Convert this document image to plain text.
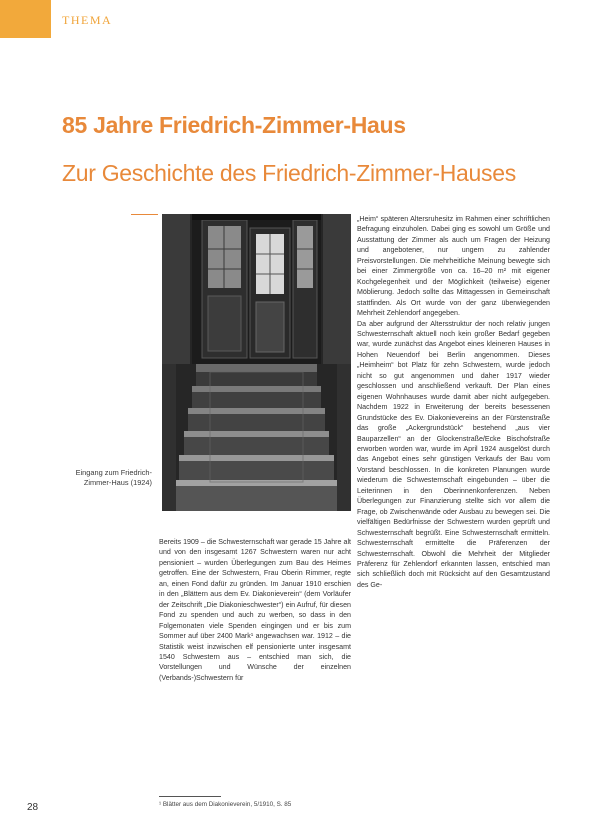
THEMA
85 Jahre Friedrich-Zimmer-Haus
Zur Geschichte des Friedrich-Zimmer-Hauses
Eingang zum Friedrich-Zimmer-Haus (1924)

„Heim“ späteren Altersruhesitz im Rahmen einer schriftlichen Befragung einzuholen. Dabei ging es sowohl um Größe und Ausstattung der Zimmer als auch um Fragen der Heizung und angebotener, nur ungern zu zahlender Preisvorstellungen. Die mehrheitliche Meinung bewegte sich bei einer Zimmergröße von ca. 16–20 m² mit eigener Kochgelegenheit und der Möglichkeit (teilweise) eigener Möblierung. Jedoch sollte das Mittagessen in Gemeinschaft stattfinden. Als Ort wurde von der ganz überwiegenden Mehrheit Zehlendorf angegeben.

Da aber aufgrund der Altersstruktur der noch relativ jungen Schwesternschaft aktuell noch kein großer Bedarf gegeben war, wurde zunächst das Angebot eines kleineren Hauses in Hohen Neuendorf bei Berlin angenommen. Dieses „Heimheim“ bot Platz für zehn Schwestern, wurde jedoch nicht so gut angenommen und daher 1917 wieder geschlossen und anschließend verkauft. Der Plan eines eigenen Wohnhauses wurde damit aber nicht aufgegeben. Nachdem 1922 in Erweiterung der bereits besessenen Grundstücke des Ev. Diakonievereins an der Fürstenstraße das große „Ackergrundstück“ bestehend „aus vier Bauparzellen“ an der Glockenstraße/Ecke Bischofstraße erworben worden war, wurde im April 1924 ausgelöst durch das Angebot eines sehr günstigen Verkaufs der Bau vom Vorstand beschlossen. In die konkreten Planungen wurde wiederum die Schwesternschaft eingebunden – über die Leiterinnen in den Oberinnenkonferenzen. Neben Überlegungen zur Finanzierung stellte sich vor allem die Frage, ob Zwischenwände oder Ausbau zu bewegen sei. Die vielfältigen Bedürfnisse der Schwestern wurden geprüft und Schwesternschaft begrüßt. Eine Schwesternschaft ermitteln. Schwesternschaft ermittelte die Präferenzen der Schwesternschaft. Obwohl die Mehrheit der Mitglieder Präferenz für Zehlendorf erkannten lassen, entschied man sich schließlich doch mit Rücksicht auf den Gesamtzustand des Ge-

Bereits 1909 – die Schwesternschaft war gerade 15 Jahre alt und von den insgesamt 1267 Schwestern waren nur acht pensioniert – wurden Überlegungen zum Bau des Heimes getroffen. Eine der Schwestern, Frau Oberin Rimmer, regte an, einen Fond dafür zu gründen. Im Januar 1910 erschien in den „Blättern aus dem Ev. Diakonieverein“ (dem Vorläufer der Zeitschrift „Die Diakonieschwester“) ein Aufruf, für diesen Fond zu spenden und auch zu werben, so dass in den Folgemonaten viele Spenden eingingen und er bis zum Sommer auf über 2400 Mark¹ angewachsen war. 1912 – die Statistik weist inzwischen elf pensionierte unter insgesamt 1540 Schwestern aus – entschied man sich, die Vorstellungen und Wünsche der einzelnen (Verbands-)Schwestern für

¹ Blätter aus dem Diakonieverein, 5/1910, S. 85
28
